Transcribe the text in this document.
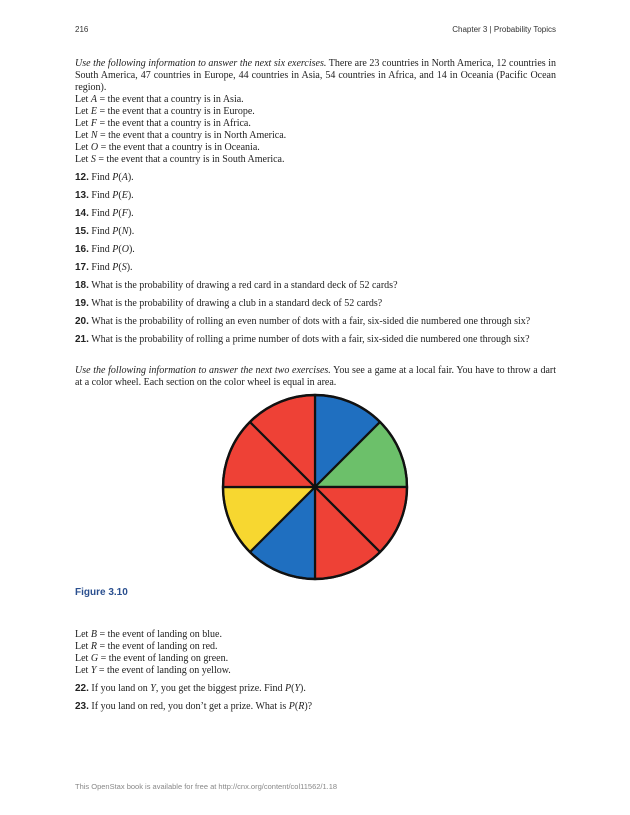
216	Chapter 3 | Probability Topics

Use the following information to answer the next six exercises. There are 23 countries in North America, 12 countries in South America, 47 countries in Europe, 44 countries in Asia, 54 countries in Africa, and 14 in Oceania (Pacific Ocean region).

Let A = the event that a country is in Asia.

Let E = the event that a country is in Europe.

Let F = the event that a country is in Africa.

Let N = the event that a country is in North America.

Let O = the event that a country is in Oceania.

Let S = the event that a country is in South America.

12. Find P(A).

13. Find P(E).

14. Find P(F).

15. Find P(N).

16. Find P(O).

17. Find P(S).

18. What is the probability of drawing a red card in a standard deck of 52 cards?

19. What is the probability of drawing a club in a standard deck of 52 cards?

20. What is the probability of rolling an even number of dots with a fair, six-sided die numbered one through six?

21. What is the probability of rolling a prime number of dots with a fair, six-sided die numbered one through six?

Use the following information to answer the next two exercises. You see a game at a local fair. You have to throw a dart at a color wheel. Each section on the color wheel is equal in area.

Figure 3.10

Let B = the event of landing on blue.

Let R = the event of landing on red.

Let G = the event of landing on green.

Let Y = the event of landing on yellow.

22. If you land on Y, you get the biggest prize. Find P(Y).

23. If you land on red, you don’t get a prize. What is P(R)?

This OpenStax book is available for free at http://cnx.org/content/col11562/1.18
